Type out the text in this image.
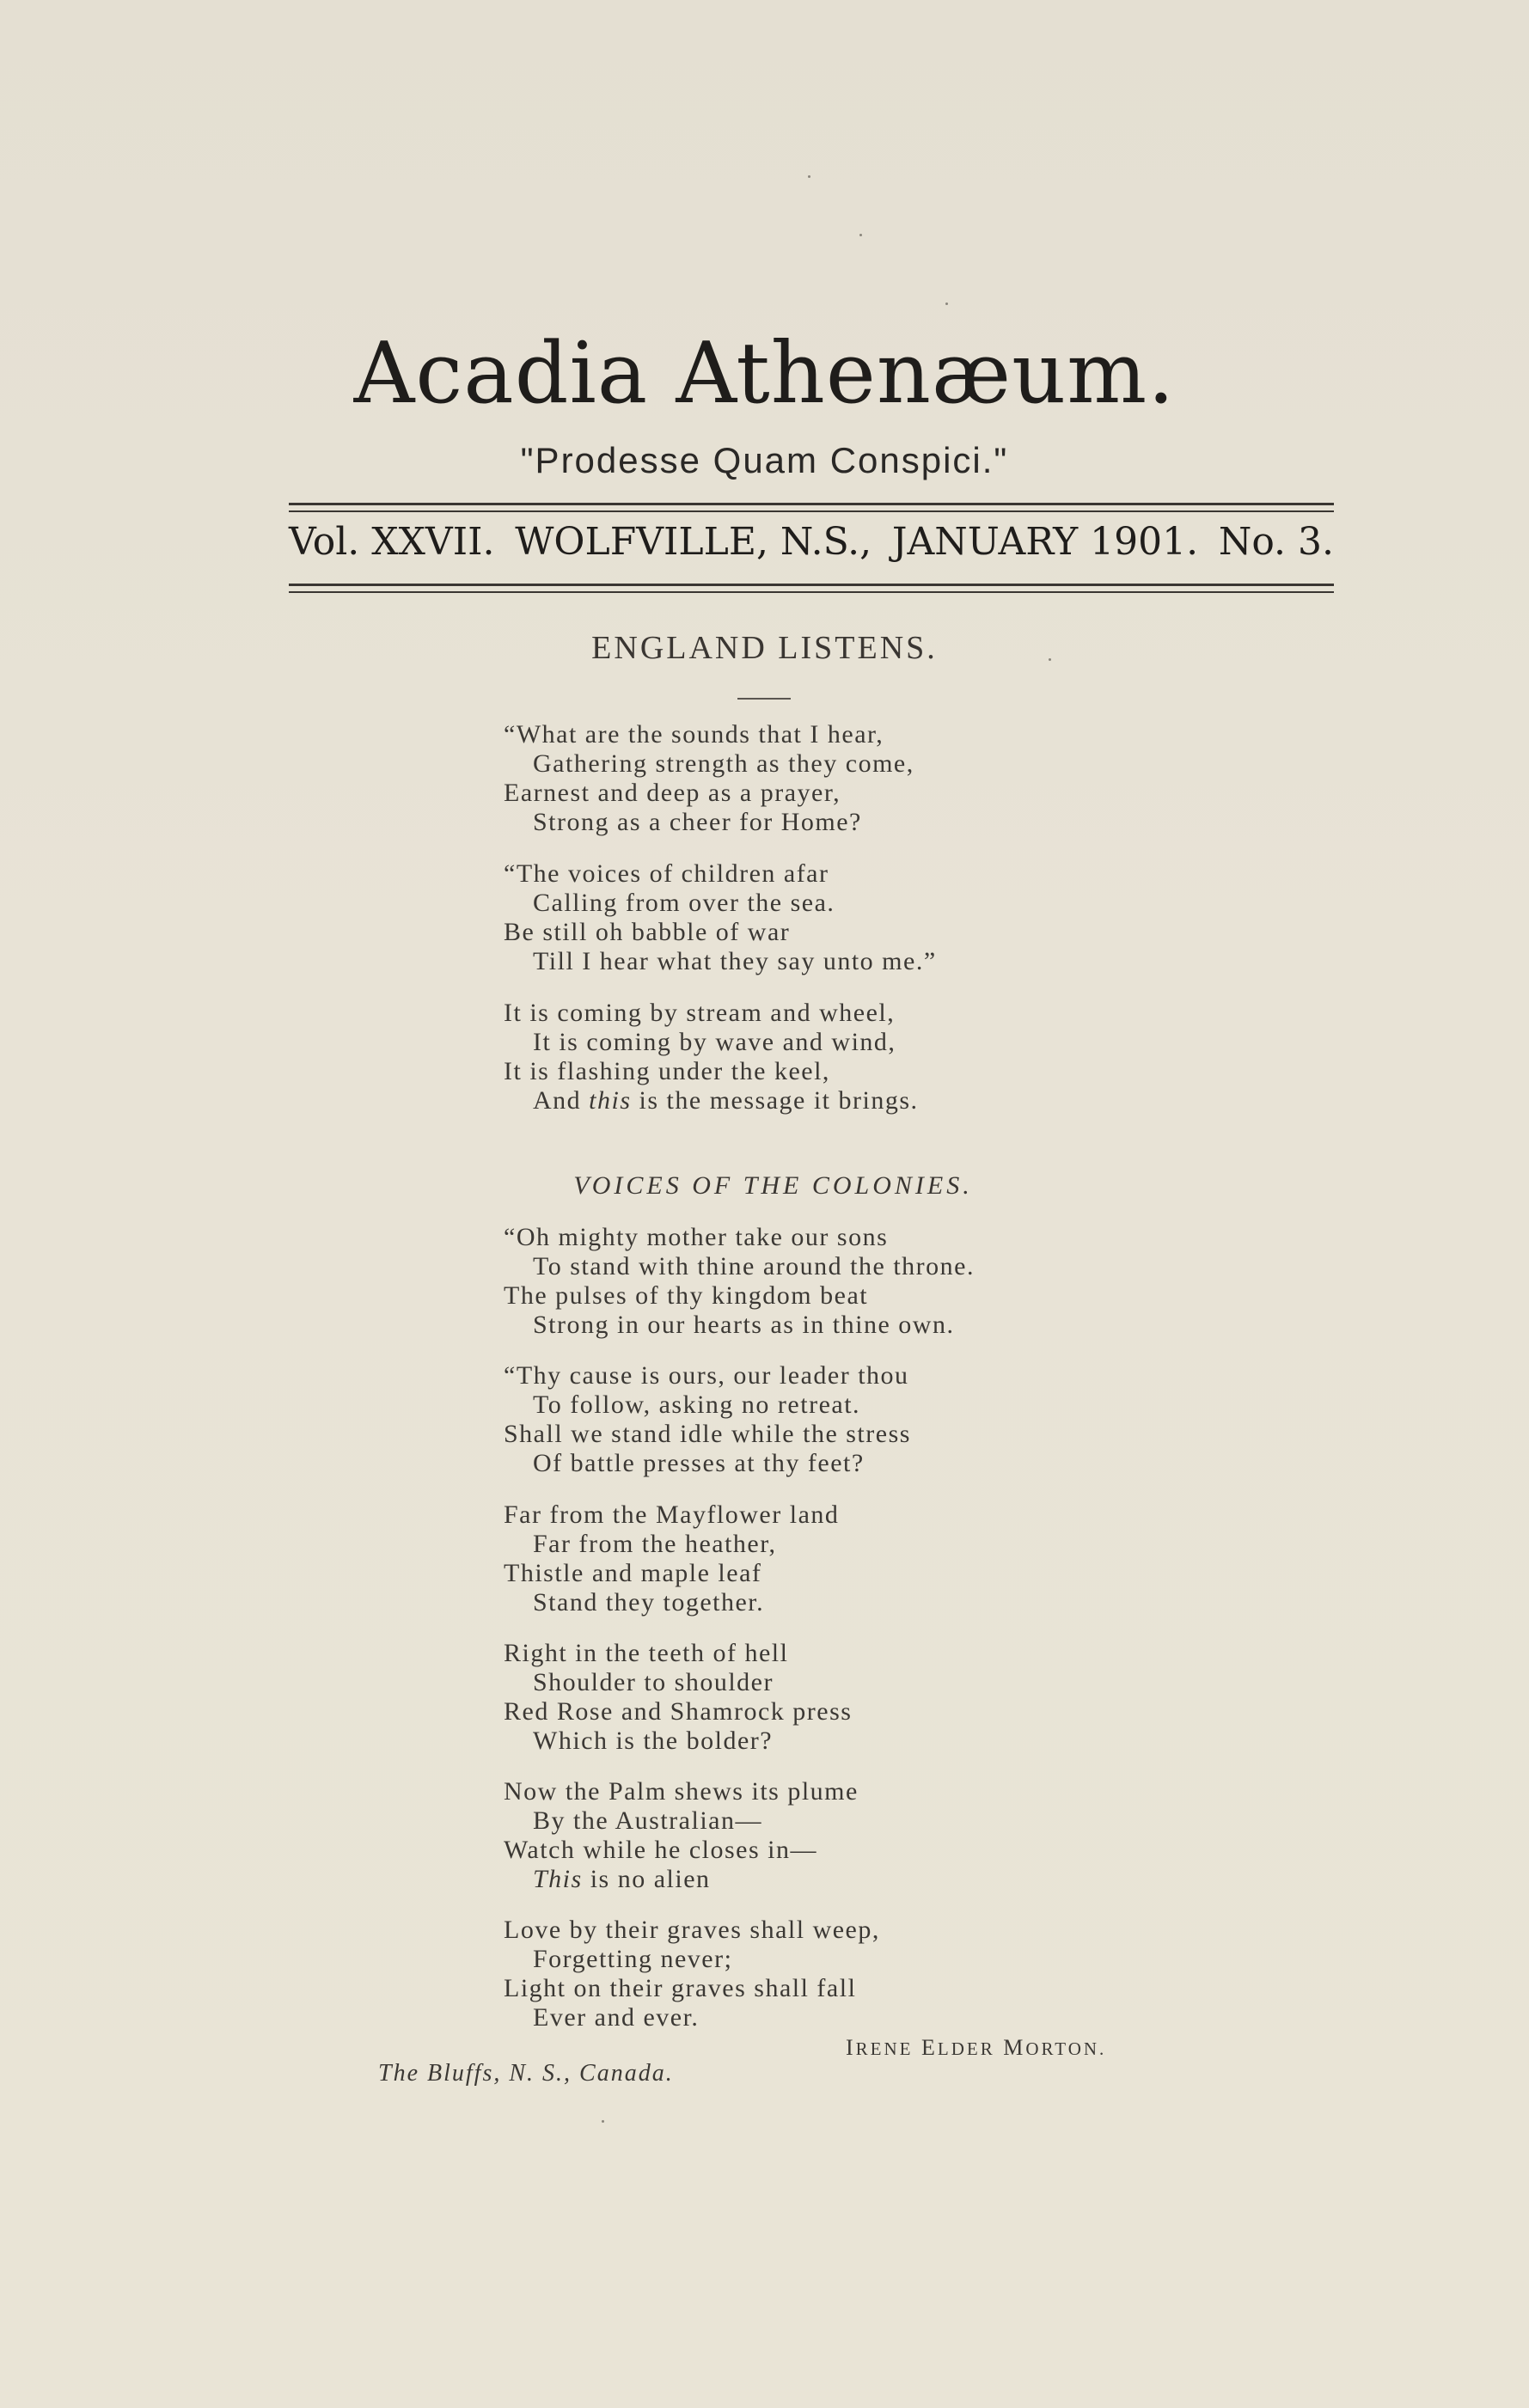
Acadia Athenæum.
"Prodesse Quam Conspici."
Vol. XXVII. WOLFVILLE, N.S., JANUARY 1901. No. 3.
ENGLAND LISTENS.
“What are the sounds that I hear,
Gathering strength as they come,
Earnest and deep as a prayer,
Strong as a cheer for Home?
“The voices of children afar
Calling from over the sea.
Be still oh babble of war
Till I hear what they say unto me.”
It is coming by stream and wheel,
It is coming by wave and wind,
It is flashing under the keel,
And this is the message it brings.
VOICES OF THE COLONIES.
“Oh mighty mother take our sons
To stand with thine around the throne.
The pulses of thy kingdom beat
Strong in our hearts as in thine own.
“Thy cause is ours, our leader thou
To follow, asking no retreat.
Shall we stand idle while the stress
Of battle presses at thy feet?
Far from the Mayflower land
Far from the heather,
Thistle and maple leaf
Stand they together.
Right in the teeth of hell
Shoulder to shoulder
Red Rose and Shamrock press
Which is the bolder?
Now the Palm shews its plume
By the Australian—
Watch while he closes in—
This is no alien
Love by their graves shall weep,
Forgetting never;
Light on their graves shall fall
Ever and ever.
IRENE ELDER MORTON.
The Bluffs, N. S., Canada.
